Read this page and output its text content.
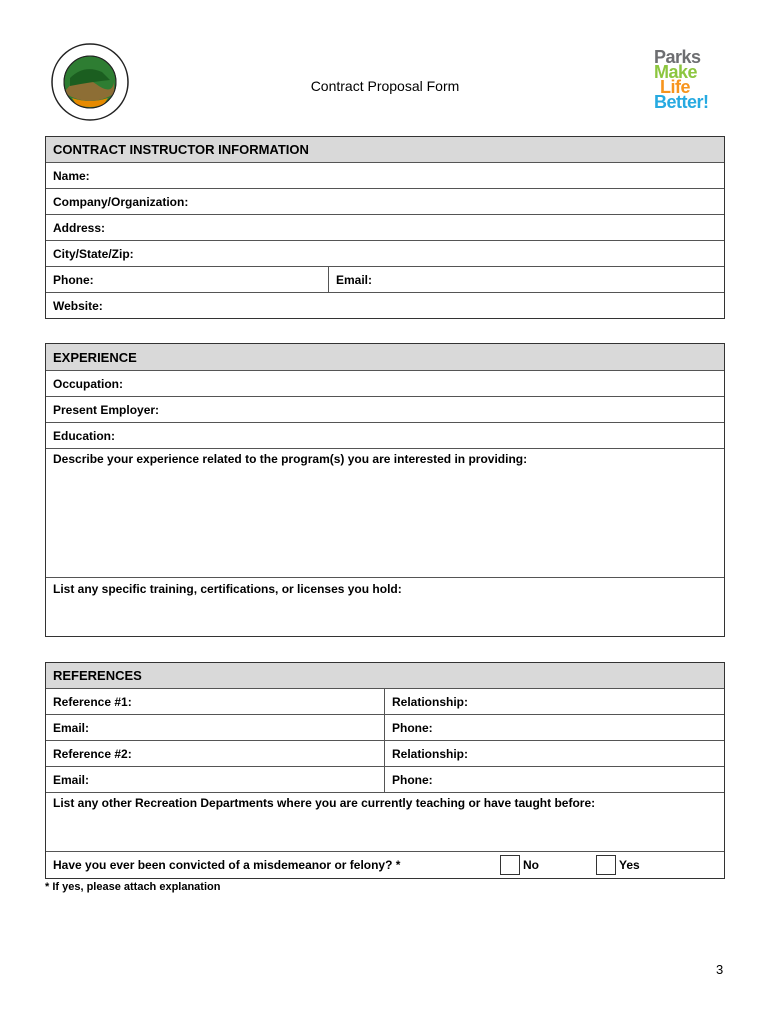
Parks
Make
Life
Better!
Contract Proposal Form
CONTRACT INSTRUCTOR INFORMATION
Name:
Company/Organization:
Address:
City/State/Zip:
Phone:	Email:
Website:
EXPERIENCE
Occupation:
Present Employer:
Education:
Describe your experience related to the program(s) you are interested in providing:
List any specific training, certifications, or licenses you hold:
REFERENCES
Reference #1:	Relationship:
Email:	Phone:
Reference #2:	Relationship:
Email:	Phone:
List any other Recreation Departments where you are currently teaching or have taught before:
Have you ever been convicted of a misdemeanor or felony? *	No	Yes
* If yes, please attach explanation
3
